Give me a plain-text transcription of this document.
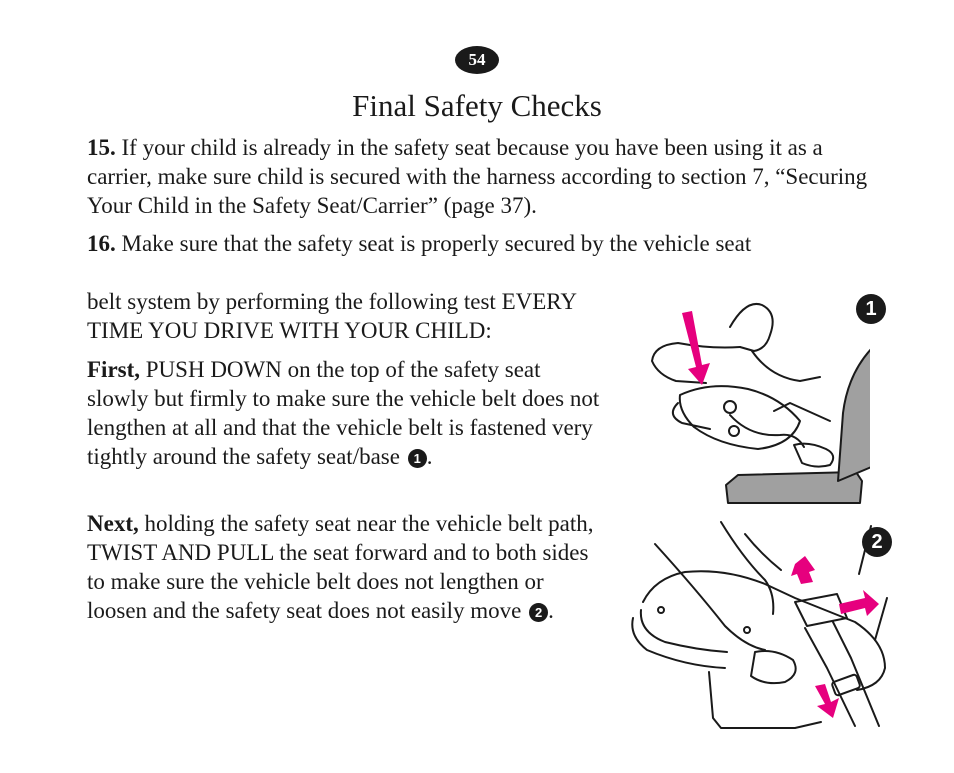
54
Final Safety Checks

15. If your child is already in the safety seat because you have been using it as a carrier, make sure child is secured with the harness according to section 7, “Securing Your Child in the Safety Seat/Carrier” (page 37).

16. Make sure that the safety seat is properly secured by the vehicle seat

belt system by performing the following test EVERY TIME YOU DRIVE WITH YOUR CHILD:

First, PUSH DOWN on the top of the safety seat slowly but firmly to make sure the vehicle belt does not lengthen at all and that the vehicle belt is fastened very tightly around the safety seat/base 1 .

Next, holding the safety seat near the vehicle belt path, TWIST AND PULL the seat forward and to both sides to make sure the vehicle belt does not lengthen or loosen and the safety seat does not easily move 2 .

1
2
